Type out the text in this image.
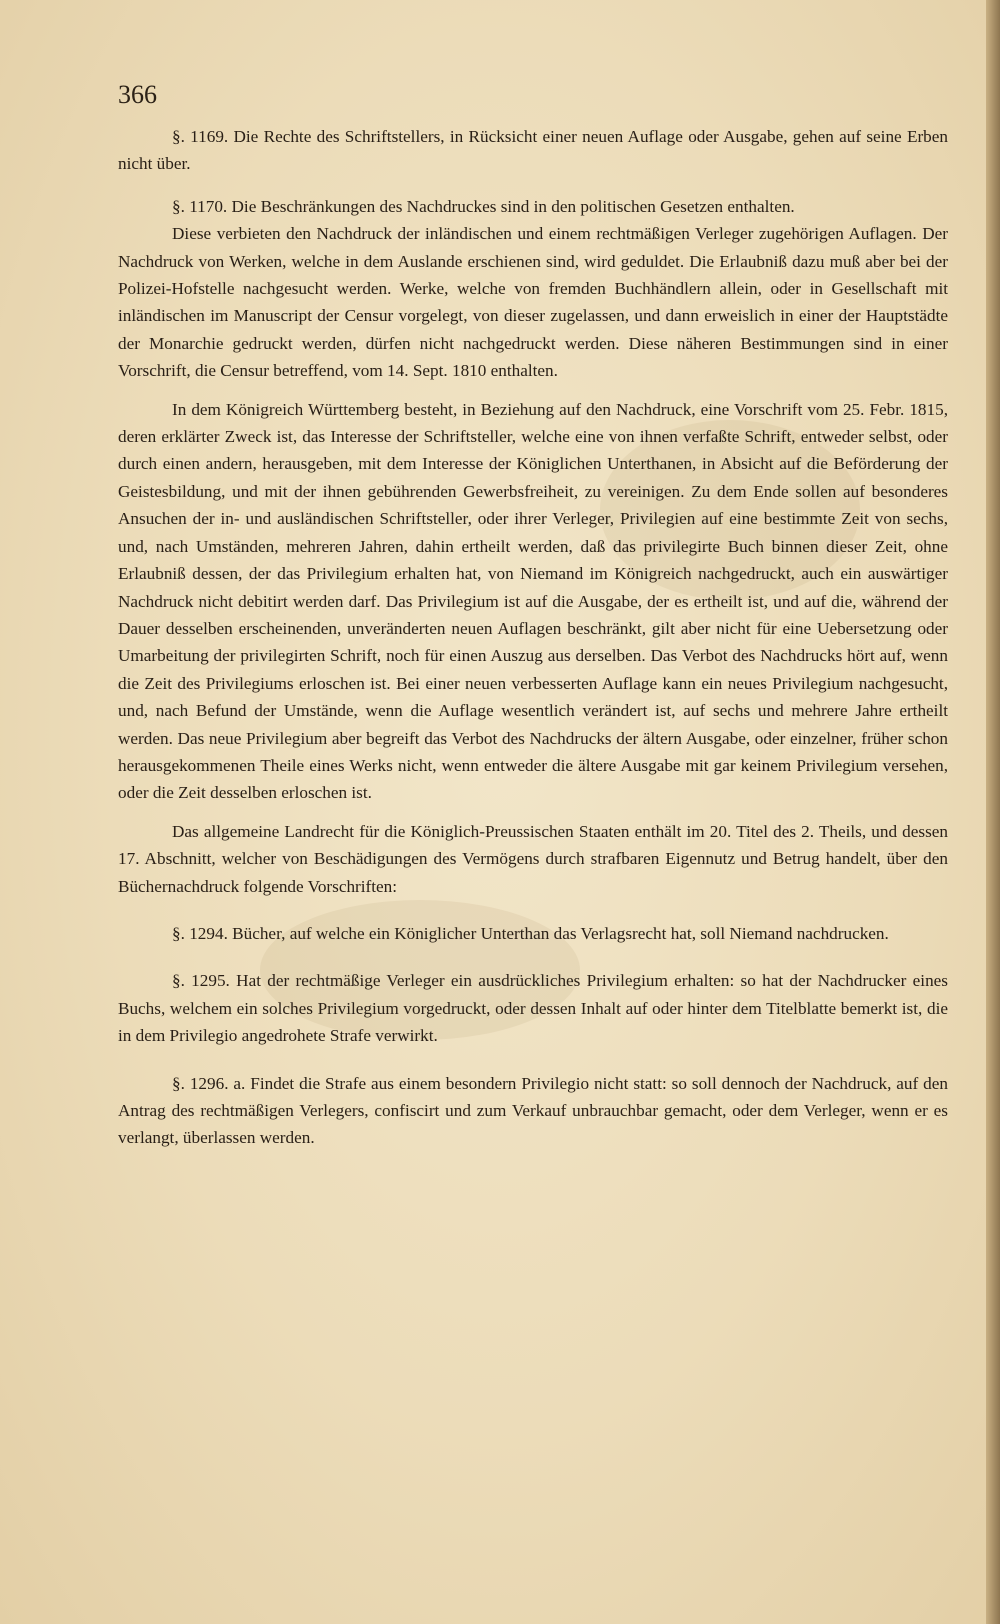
366

§. 1169. Die Rechte des Schriftstellers, in Rücksicht einer neuen Auflage oder Ausgabe, gehen auf seine Erben nicht über.

§. 1170. Die Beschränkungen des Nachdruckes sind in den politischen Gesetzen enthalten.

Diese verbieten den Nachdruck der inländischen und einem rechtmäßigen Verleger zugehörigen Auflagen. Der Nachdruck von Werken, welche in dem Auslande erschienen sind, wird geduldet. Die Erlaubniß dazu muß aber bei der Polizei-Hofstelle nachgesucht werden. Werke, welche von fremden Buchhändlern allein, oder in Gesellschaft mit inländischen im Manuscript der Censur vorgelegt, von dieser zugelassen, und dann erweislich in einer der Hauptstädte der Monarchie gedruckt werden, dürfen nicht nachgedruckt werden. Diese näheren Bestimmungen sind in einer Vorschrift, die Censur betreffend, vom 14. Sept. 1810 enthalten.

In dem Königreich Württemberg besteht, in Beziehung auf den Nachdruck, eine Vorschrift vom 25. Febr. 1815, deren erklärter Zweck ist, das Interesse der Schriftsteller, welche eine von ihnen verfaßte Schrift, entweder selbst, oder durch einen andern, herausgeben, mit dem Interesse der Königlichen Unterthanen, in Absicht auf die Beförderung der Geistesbildung, und mit der ihnen gebührenden Gewerbsfreiheit, zu vereinigen. Zu dem Ende sollen auf besonderes Ansuchen der in- und ausländischen Schriftsteller, oder ihrer Verleger, Privilegien auf eine bestimmte Zeit von sechs, und, nach Umständen, mehreren Jahren, dahin ertheilt werden, daß das privilegirte Buch binnen dieser Zeit, ohne Erlaubniß dessen, der das Privilegium erhalten hat, von Niemand im Königreich nachgedruckt, auch ein auswärtiger Nachdruck nicht debitirt werden darf. Das Privilegium ist auf die Ausgabe, der es ertheilt ist, und auf die, während der Dauer desselben erscheinenden, unveränderten neuen Auflagen beschränkt, gilt aber nicht für eine Uebersetzung oder Umarbeitung der privilegirten Schrift, noch für einen Auszug aus derselben. Das Verbot des Nachdrucks hört auf, wenn die Zeit des Privilegiums erloschen ist. Bei einer neuen verbesserten Auflage kann ein neues Privilegium nachgesucht, und, nach Befund der Umstände, wenn die Auflage wesentlich verändert ist, auf sechs und mehrere Jahre ertheilt werden. Das neue Privilegium aber begreift das Verbot des Nachdrucks der ältern Ausgabe, oder einzelner, früher schon herausgekommenen Theile eines Werks nicht, wenn entweder die ältere Ausgabe mit gar keinem Privilegium versehen, oder die Zeit desselben erloschen ist.

Das allgemeine Landrecht für die Königlich-Preussischen Staaten enthält im 20. Titel des 2. Theils, und dessen 17. Abschnitt, welcher von Beschädigungen des Vermögens durch strafbaren Eigennutz und Betrug handelt, über den Büchernachdruck folgende Vorschriften:

§. 1294. Bücher, auf welche ein Königlicher Unterthan das Verlagsrecht hat, soll Niemand nachdrucken.

§. 1295. Hat der rechtmäßige Verleger ein ausdrückliches Privilegium erhalten: so hat der Nachdrucker eines Buchs, welchem ein solches Privilegium vorgedruckt, oder dessen Inhalt auf oder hinter dem Titelblatte bemerkt ist, die in dem Privilegio angedrohete Strafe verwirkt.

§. 1296. a. Findet die Strafe aus einem besondern Privilegio nicht statt: so soll dennoch der Nachdruck, auf den Antrag des rechtmäßigen Verlegers, confiscirt und zum Verkauf unbrauchbar gemacht, oder dem Verleger, wenn er es verlangt, überlassen werden.
